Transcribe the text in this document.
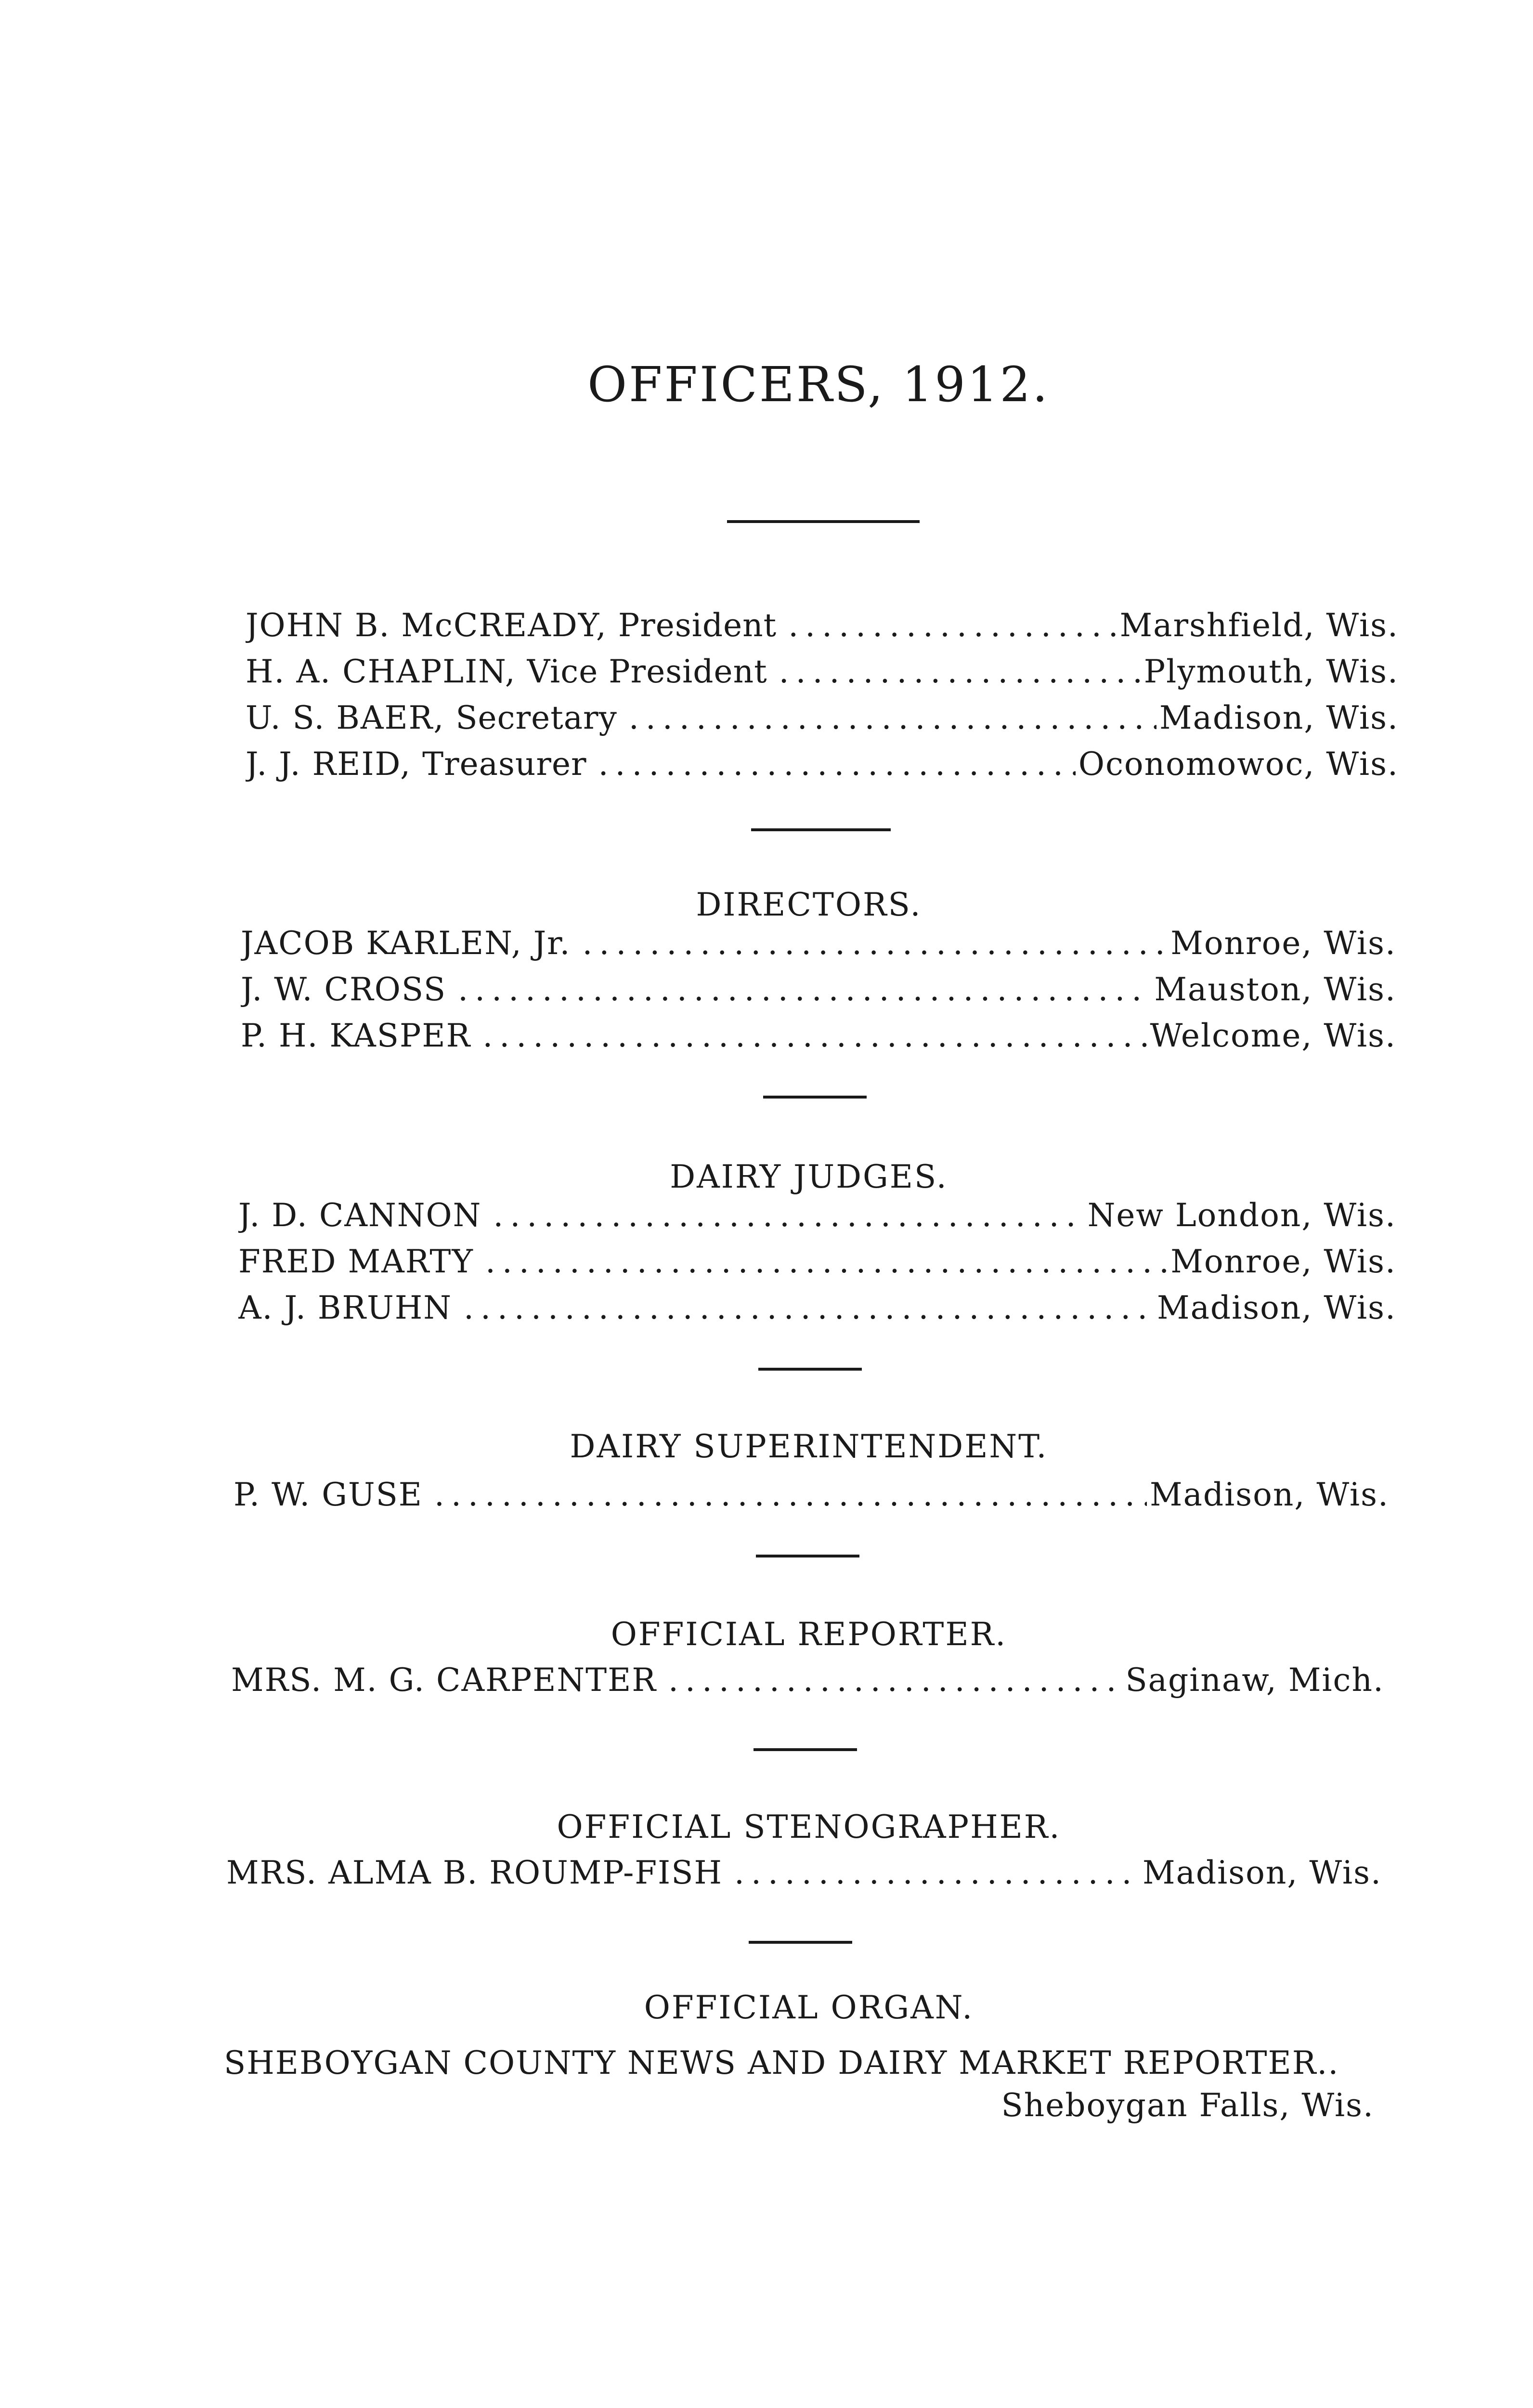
OFFICERS, 1912.
JOHN B. McCREADY, President .....	Marshfield, Wis.
H. A. CHAPLIN, Vice President .....	Plymouth, Wis.
U. S. BAER, Secretary .....	Madison, Wis.
J. J. REID, Treasurer .....	Oconomowoc, Wis.
DIRECTORS.
JACOB KARLEN, Jr. .....	Monroe, Wis.
J. W. CROSS .....	Mauston, Wis.
P. H. KASPER .....	Welcome, Wis.
DAIRY JUDGES.
J. D. CANNON .....	New London, Wis.
FRED MARTY .....	Monroe, Wis.
A. J. BRUHN .....	Madison, Wis.
DAIRY SUPERINTENDENT.
P. W. GUSE .....	Madison, Wis.
OFFICIAL REPORTER.
MRS. M. G. CARPENTER .....	Saginaw, Mich.
OFFICIAL STENOGRAPHER.
MRS. ALMA B. ROUMP-FISH .....	Madison, Wis.
OFFICIAL ORGAN.
SHEBOYGAN COUNTY NEWS AND DAIRY MARKET REPORTER..
Sheboygan Falls, Wis.
